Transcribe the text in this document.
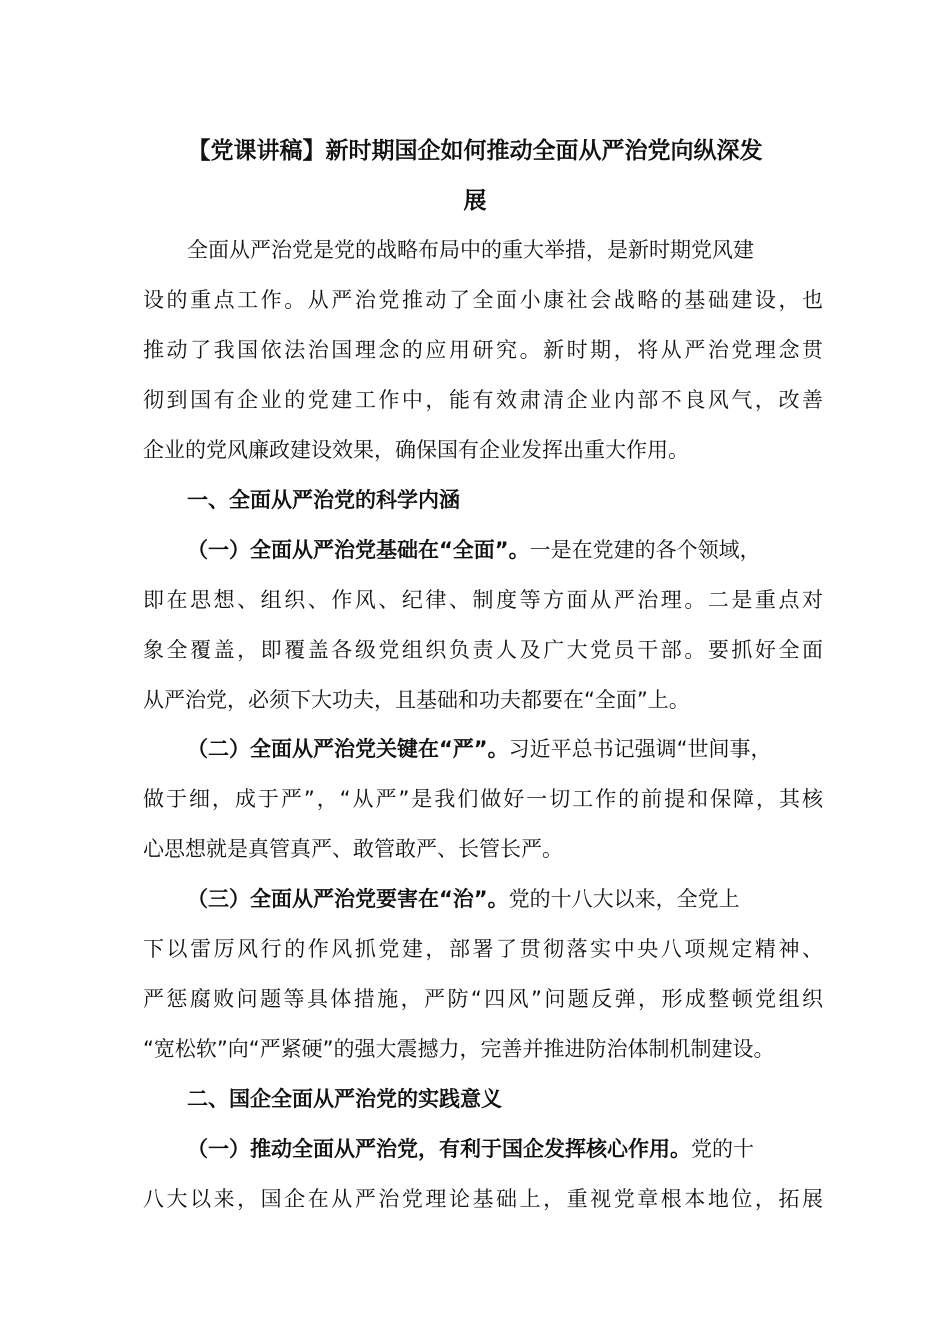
【党课讲稿】新时期国企如何推动全面从严治党向纵深发
展

全面从严治党是党的战略布局中的重大举措，是新时期党风建

设的重点工作。从严治党推动了全面小康社会战略的基础建设，也

推动了我国依法治国理念的应用研究。新时期，将从严治党理念贯

彻到国有企业的党建工作中，能有效肃清企业内部不良风气，改善

企业的党风廉政建设效果，确保国有企业发挥出重大作用。

一、全面从严治党的科学内涵

（一）全面从严治党基础在“全面”。一是在党建的各个领域，

即在思想、组织、作风、纪律、制度等方面从严治理。二是重点对

象全覆盖，即覆盖各级党组织负责人及广大党员干部。要抓好全面

从严治党，必须下大功夫，且基础和功夫都要在“全面”上。

（二）全面从严治党关键在“严”。习近平总书记强调“世间事，

做于细，成于严”，“从严”是我们做好一切工作的前提和保障，其核

心思想就是真管真严、敢管敢严、长管长严。

（三）全面从严治党要害在“治”。党的十八大以来，全党上

下以雷厉风行的作风抓党建，部署了贯彻落实中央八项规定精神、

严惩腐败问题等具体措施，严防“四风”问题反弹，形成整顿党组织

“宽松软”向“严紧硬”的强大震撼力，完善并推进防治体制机制建设。

二、国企全面从严治党的实践意义

（一）推动全面从严治党，有利于国企发挥核心作用。党的十

八大以来，国企在从严治党理论基础上，重视党章根本地位，拓展
